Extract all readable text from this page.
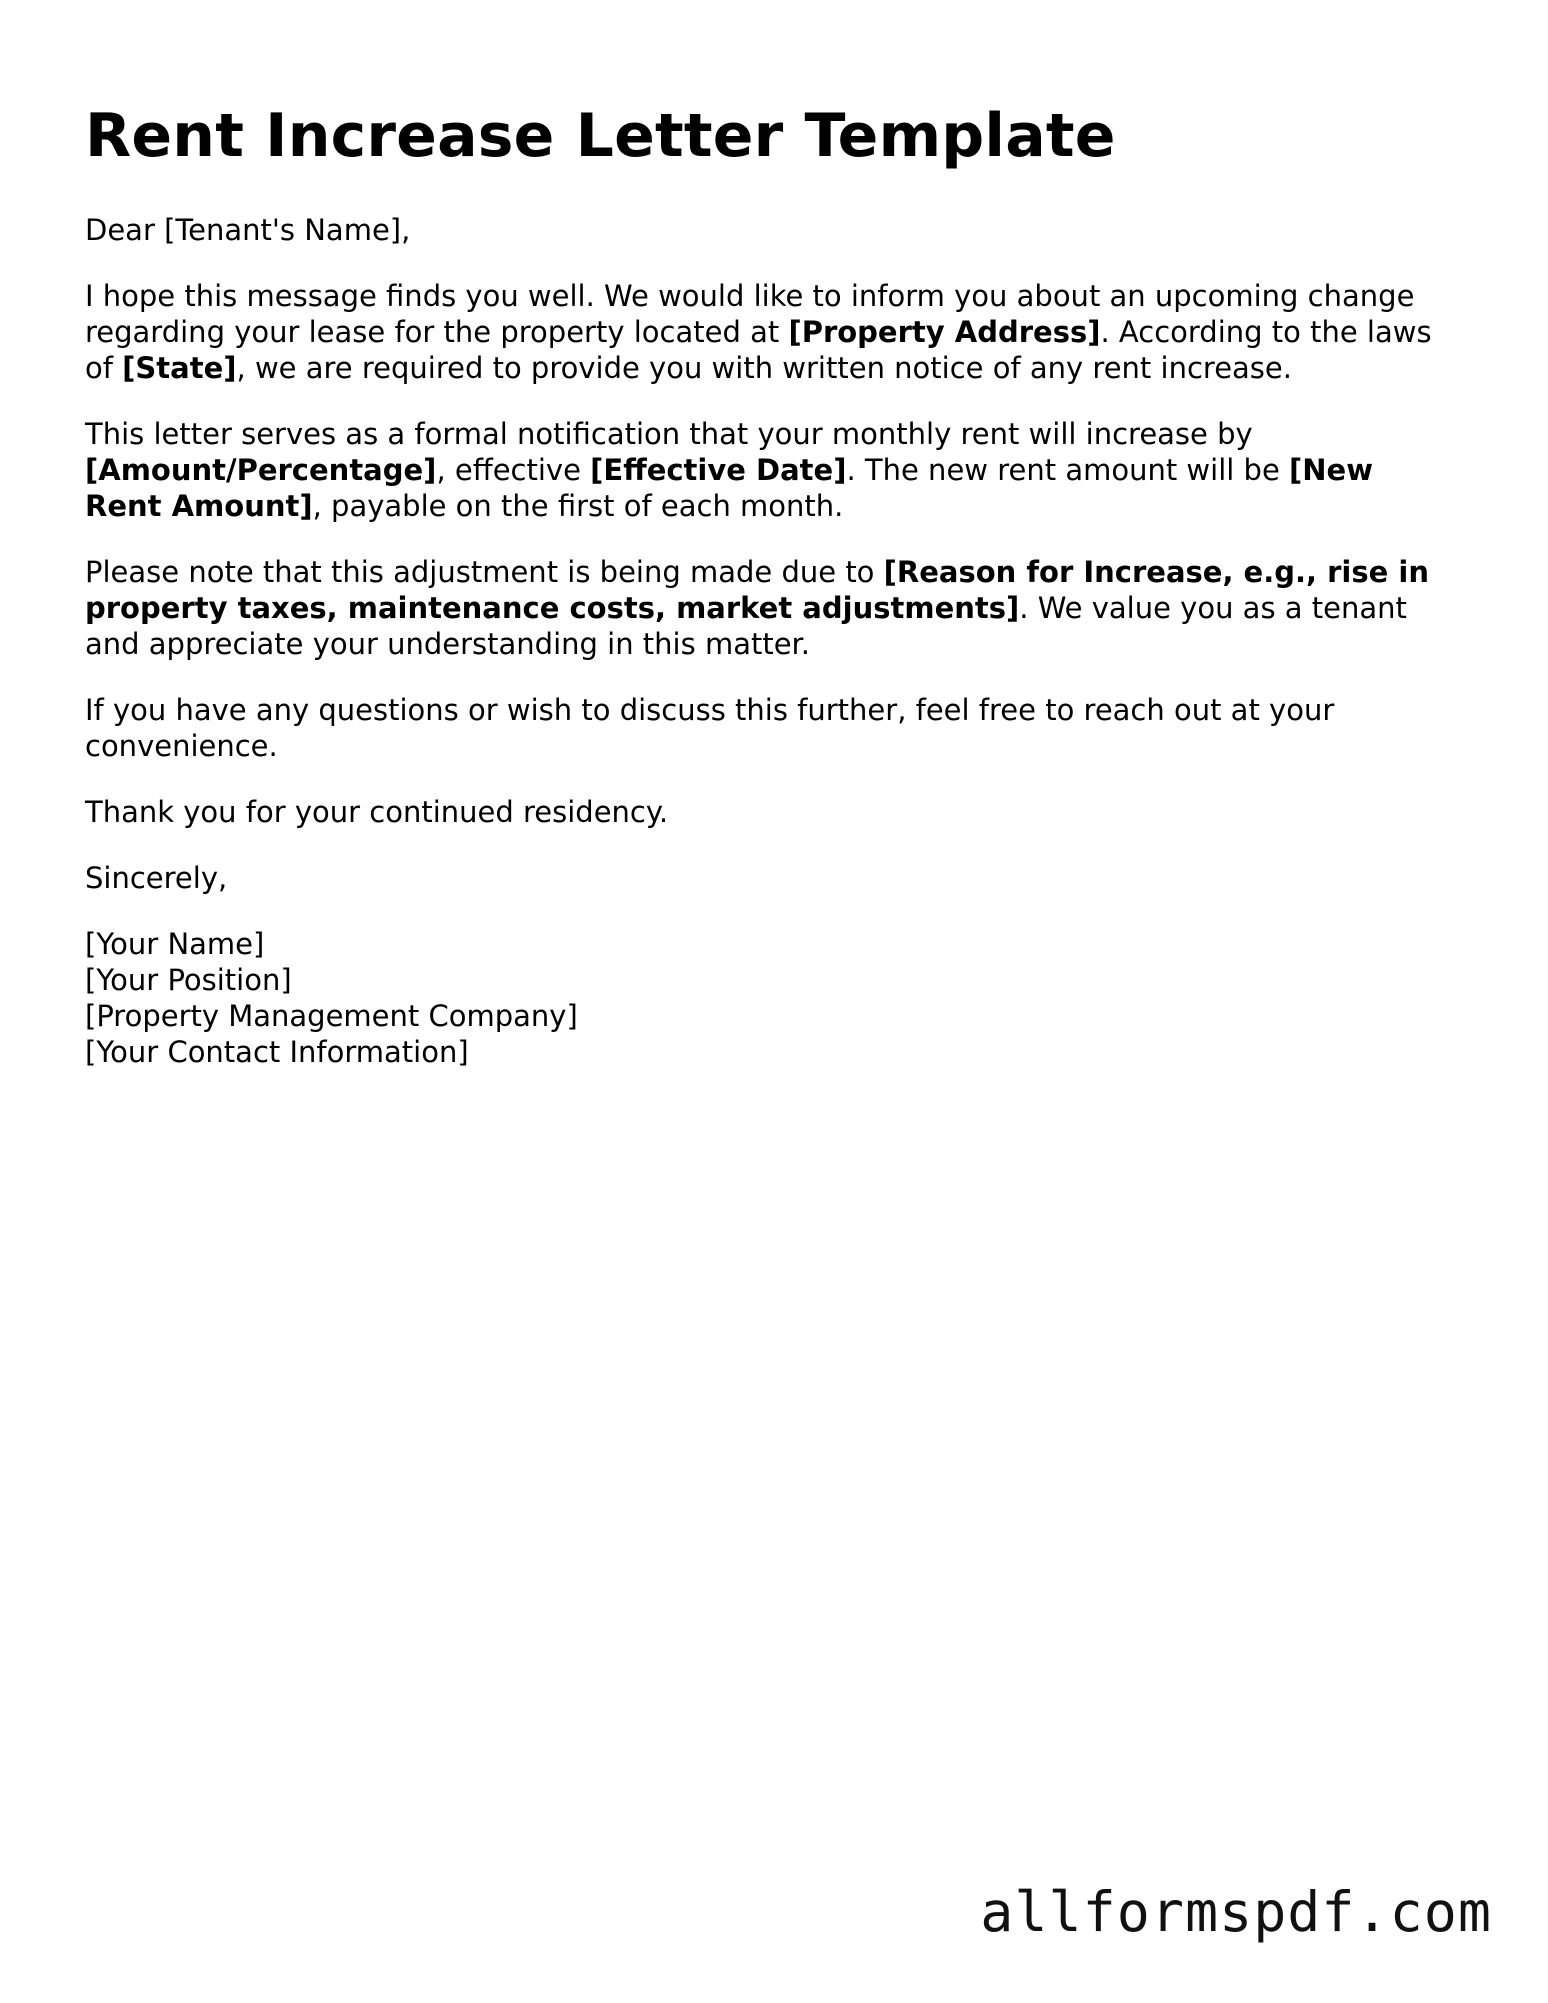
Rent Increase Letter Template

Dear [Tenant's Name],

I hope this message finds you well. We would like to inform you about an upcoming change regarding your lease for the property located at [Property Address]. According to the laws of [State], we are required to provide you with written notice of any rent increase.

This letter serves as a formal notification that your monthly rent will increase by [Amount/Percentage], effective [Effective Date]. The new rent amount will be [New Rent Amount], payable on the first of each month.

Please note that this adjustment is being made due to [Reason for Increase, e.g., rise in property taxes, maintenance costs, market adjustments]. We value you as a tenant and appreciate your understanding in this matter.

If you have any questions or wish to discuss this further, feel free to reach out at your convenience.

Thank you for your continued residency.

Sincerely,

[Your Name]
[Your Position]
[Property Management Company]
[Your Contact Information]

allformspdf.com
